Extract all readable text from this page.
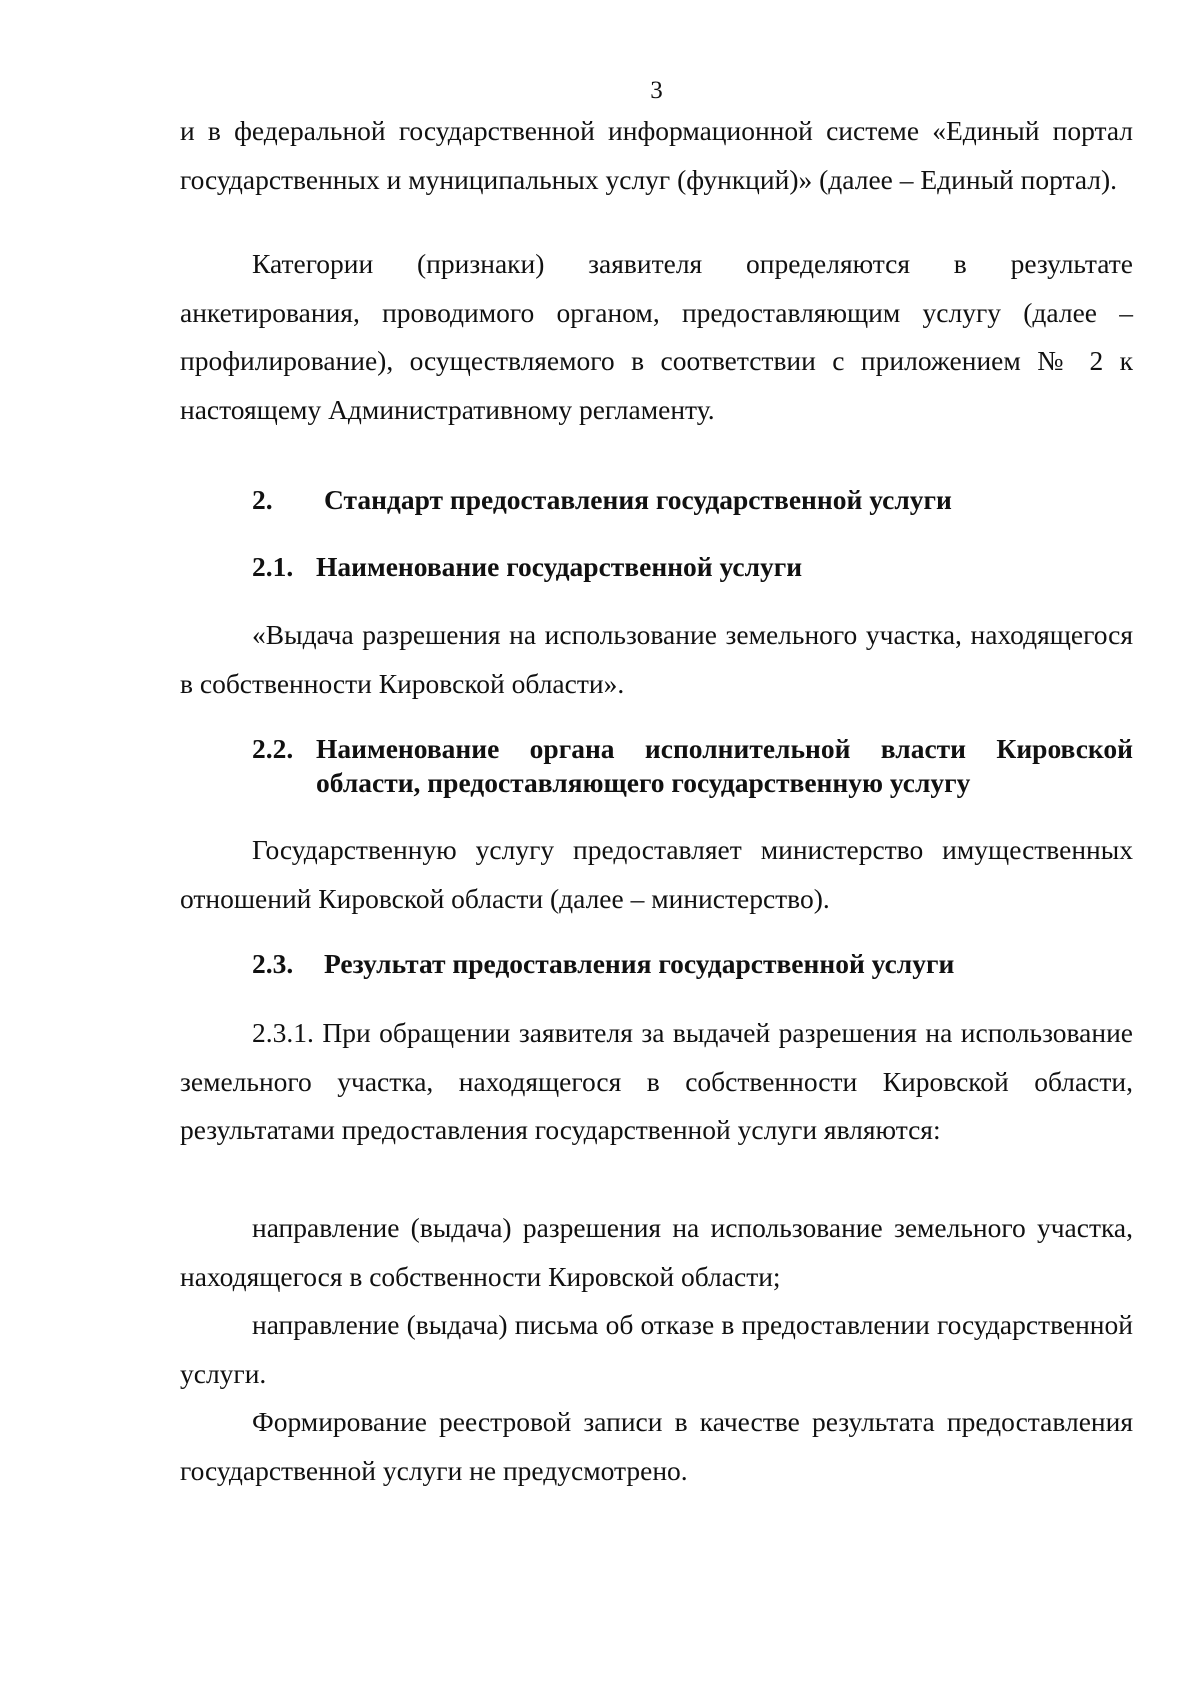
3
и в федеральной государственной информационной системе «Единый портал государственных и муниципальных услуг (функций)» (далее – Единый портал).
Категории (признаки) заявителя определяются в результате анкетирования, проводимого органом, предоставляющим услугу (далее – профилирование), осуществляемого в соответствии с приложением № 2 к настоящему Административному регламенту.
2. Стандарт предоставления государственной услуги
2.1. Наименование государственной услуги
«Выдача разрешения на использование земельного участка, находящегося в собственности Кировской области».
2.2. Наименование органа исполнительной власти Кировской области, предоставляющего государственную услугу
Государственную услугу предоставляет министерство имущественных отношений Кировской области (далее – министерство).
2.3. Результат предоставления государственной услуги
2.3.1. При обращении заявителя за выдачей разрешения на использование земельного участка, находящегося в собственности Кировской области, результатами предоставления государственной услуги являются:
направление (выдача) разрешения на использование земельного участка, находящегося в собственности Кировской области;
направление (выдача) письма об отказе в предоставлении государственной услуги.
Формирование реестровой записи в качестве результата предоставления государственной услуги не предусмотрено.
